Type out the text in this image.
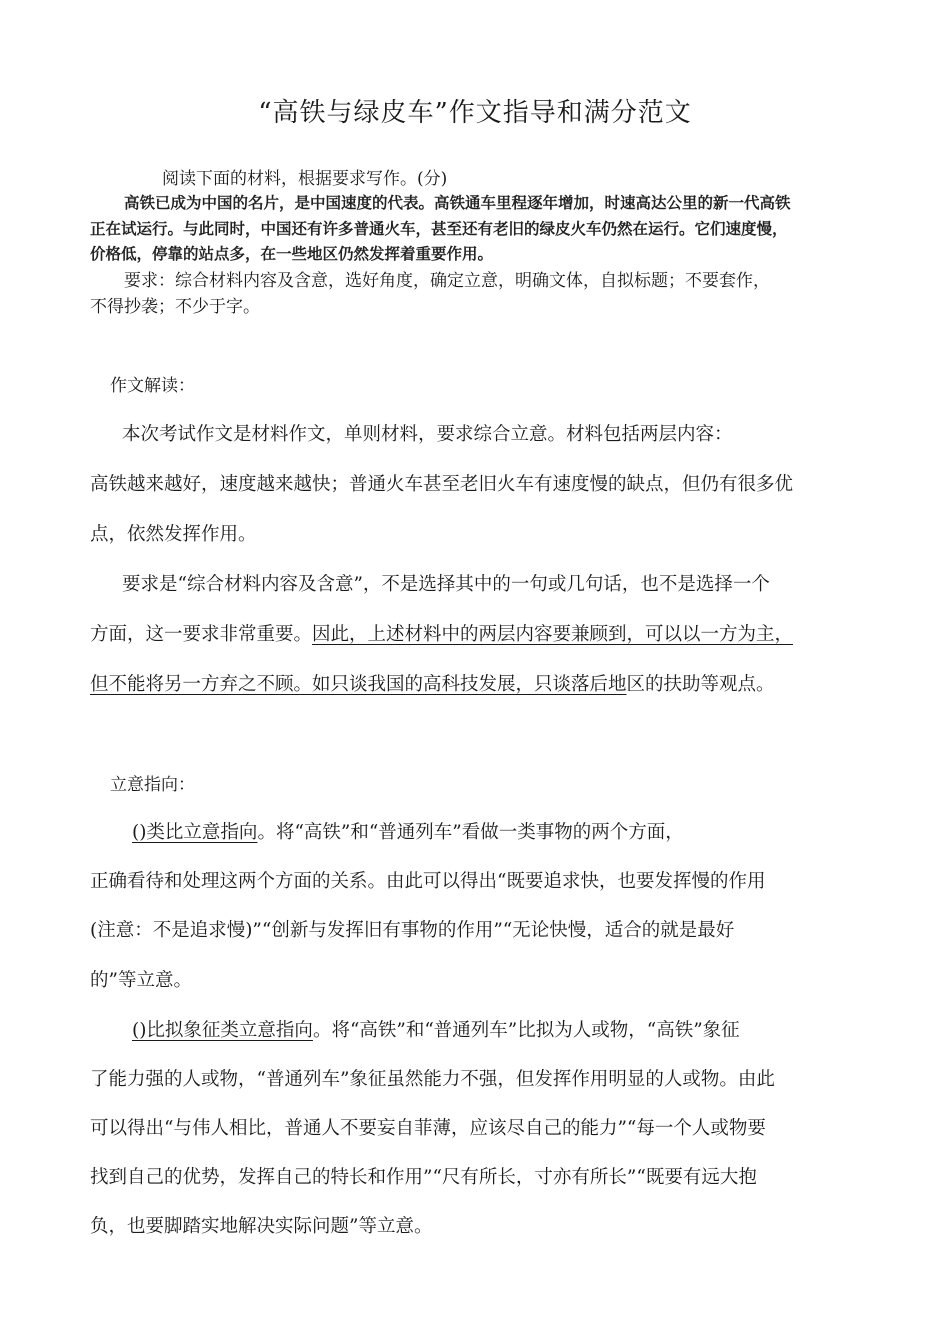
“高铁与绿皮车”作文指导和满分范文
阅读下面的材料，根据要求写作。(分)
高铁已成为中国的名片，是中国速度的代表。高铁通车里程逐年增加，时速高达公里的新一代高铁
正在试运行。与此同时，中国还有许多普通火车，甚至还有老旧的绿皮火车仍然在运行。它们速度慢，
价格低，停靠的站点多，在一些地区仍然发挥着重要作用。
要求：综合材料内容及含意，选好角度，确定立意，明确文体，自拟标题；不要套作，
不得抄袭；不少于字。
作文解读：
本次考试作文是材料作文，单则材料，要求综合立意。材料包括两层内容：
高铁越来越好，速度越来越快；普通火车甚至老旧火车有速度慢的缺点，但仍有很多优
点，依然发挥作用。
要求是“综合材料内容及含意”，不是选择其中的一句或几句话，也不是选择一个
方面，这一要求非常重要。因此，上述材料中的两层内容要兼顾到，可以以一方为主，
但不能将另一方弃之不顾。如只谈我国的高科技发展，只谈落后地区的扶助等观点。
立意指向：
()类比立意指向。将“高铁”和“普通列车”看做一类事物的两个方面，
正确看待和处理这两个方面的关系。由此可以得出“既要追求快，也要发挥慢的作用
(注意：不是追求慢)”“创新与发挥旧有事物的作用”“无论快慢，适合的就是最好
的”等立意。
()比拟象征类立意指向。将“高铁”和“普通列车”比拟为人或物，“高铁”象征
了能力强的人或物，“普通列车”象征虽然能力不强，但发挥作用明显的人或物。由此
可以得出“与伟人相比，普通人不要妄自菲薄，应该尽自己的能力”“每一个人或物要
找到自己的优势，发挥自己的特长和作用”“尺有所长，寸亦有所长”“既要有远大抱
负，也要脚踏实地解决实际问题”等立意。
